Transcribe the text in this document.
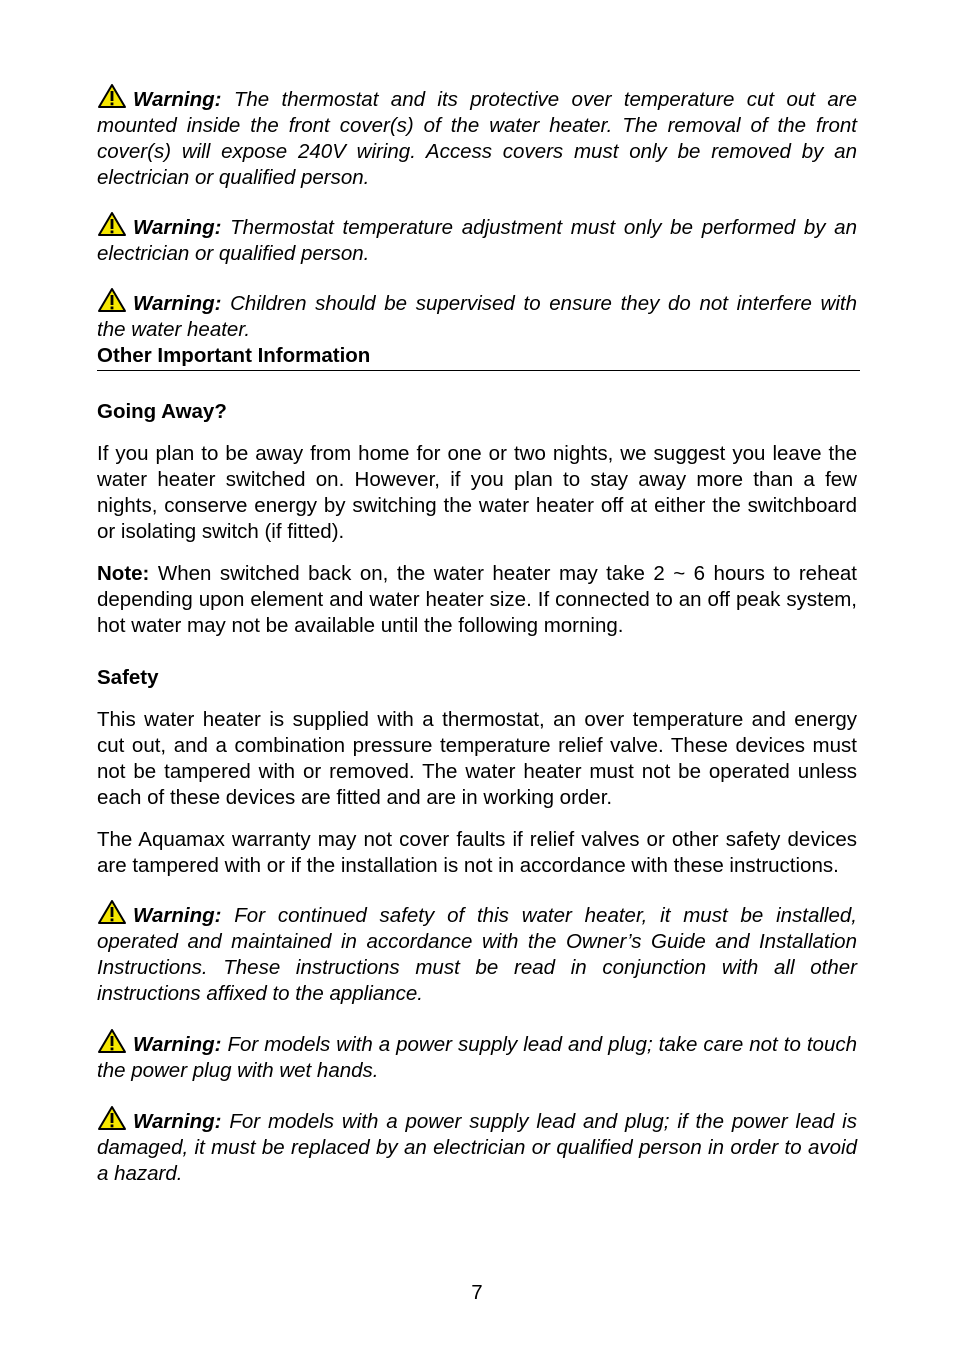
Warning: The thermostat and its protective over temperature cut out are mounted inside the front cover(s) of the water heater. The removal of the front cover(s) will expose 240V wiring. Access covers must only be removed by an electrician or qualified person.

Warning: Thermostat temperature adjustment must only be performed by an electrician or qualified person.

Warning: Children should be supervised to ensure they do not interfere with the water heater.

Other Important Information
Going Away?

If you plan to be away from home for one or two nights, we suggest you leave the water heater switched on. However, if you plan to stay away more than a few nights, conserve energy by switching the water heater off at either the switchboard or isolating switch (if fitted).

Note: When switched back on, the water heater may take 2 ~ 6 hours to reheat depending upon element and water heater size. If connected to an off peak system, hot water may not be available until the following morning.

Safety

This water heater is supplied with a thermostat, an over temperature and energy cut out, and a combination pressure temperature relief valve. These devices must not be tampered with or removed. The water heater must not be operated unless each of these devices are fitted and are in working order.

The Aquamax warranty may not cover faults if relief valves or other safety devices are tampered with or if the installation is not in accordance with these instructions.

Warning: For continued safety of this water heater, it must be installed, operated and maintained in accordance with the Owner’s Guide and Installation Instructions. These instructions must be read in conjunction with all other instructions affixed to the appliance.

Warning: For models with a power supply lead and plug; take care not to touch the power plug with wet hands.

Warning: For models with a power supply lead and plug; if the power lead is damaged, it must be replaced by an electrician or qualified person in order to avoid a hazard.

7
